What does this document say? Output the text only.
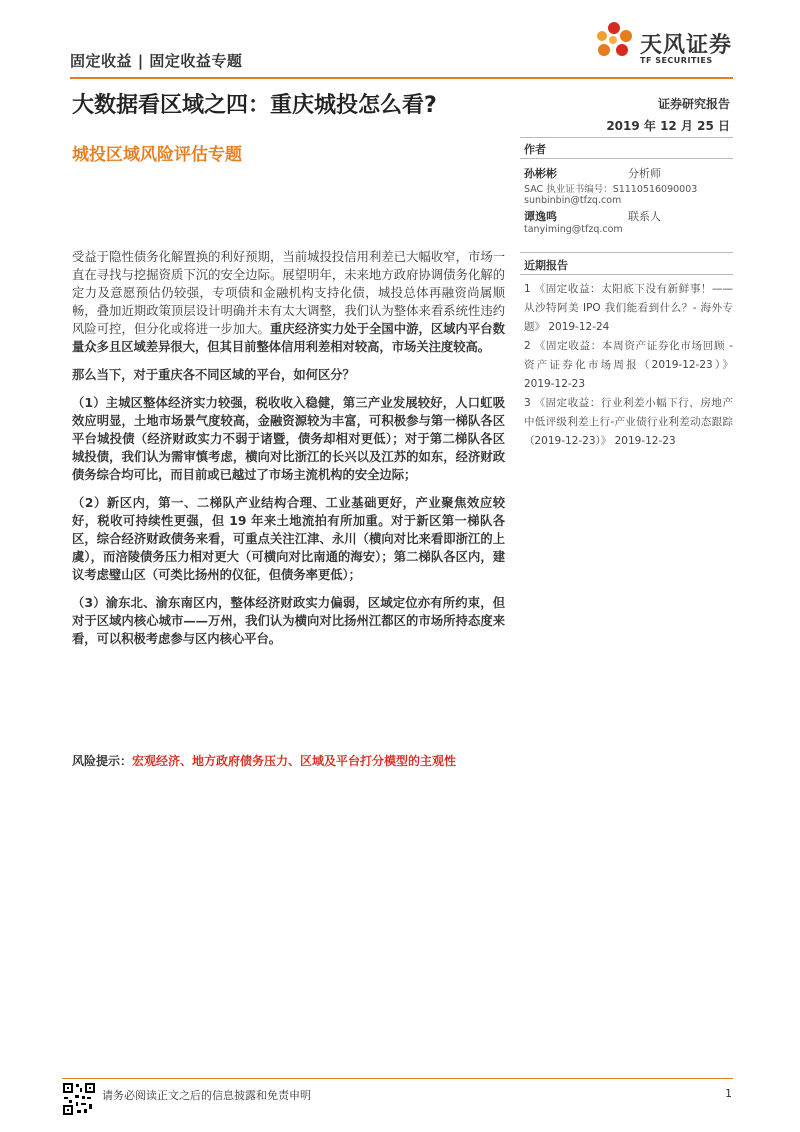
固定收益 | 固定收益专题
天风证券
TF SECURITIES
大数据看区域之四：重庆城投怎么看?
城投区域风险评估专题
证券研究报告
2019 年 12 月 25 日
作者
孙彬彬	分析师
SAC 执业证书编号：S1110516090003
sunbinbin@tfzq.com
谭逸鸣	联系人
tanyiming@tfzq.com
近期报告

1 《固定收益：太阳底下没有新鲜事！——从沙特阿美 IPO 我们能看到什么？- 海外专题》 2019-12-24

2 《固定收益：本周资产证券化市场回顾 - 资产证券化市场周报（2019-12-23）》 2019-12-23

3 《固定收益：行业利差小幅下行，房地产中低评级利差上行-产业债行业利差动态跟踪（2019-12-23）》 2019-12-23

受益于隐性债务化解置换的利好预期，当前城投投信用利差已大幅收窄，市场一直在寻找与挖掘资质下沉的安全边际。展望明年，未来地方政府协调债务化解的定力及意愿预估仍较强，专项债和金融机构支持化债，城投总体再融资尚属顺畅，叠加近期政策顶层设计明确并未有太大调整，我们认为整体来看系统性违约风险可控，但分化或将进一步加大。重庆经济实力处于全国中游，区域内平台数量众多且区域差异很大，但其目前整体信用利差相对较高，市场关注度较高。

那么当下，对于重庆各不同区域的平台，如何区分？

（1）主城区整体经济实力较强，税收收入稳健，第三产业发展较好，人口虹吸效应明显，土地市场景气度较高，金融资源较为丰富，可积极参与第一梯队各区平台城投债（经济财政实力不弱于诸暨，债务却相对更低）；对于第二梯队各区城投债，我们认为需审慎考虑，横向对比浙江的长兴以及江苏的如东，经济财政债务综合均可比，而目前或已越过了市场主流机构的安全边际；

（2）新区内，第一、二梯队产业结构合理、工业基础更好，产业聚焦效应较好，税收可持续性更强，但 19 年来土地流拍有所加重。对于新区第一梯队各区，综合经济财政债务来看，可重点关注江津、永川（横向对比来看即浙江的上虞），而涪陵债务压力相对更大（可横向对比南通的海安）；第二梯队各区内，建议考虑璧山区（可类比扬州的仪征，但债务率更低）；

（3）渝东北、渝东南区内，整体经济财政实力偏弱，区域定位亦有所约束，但对于区域内核心城市——万州，我们认为横向对比扬州江都区的市场所持态度来看，可以积极考虑参与区内核心平台。

风险提示：宏观经济、地方政府债务压力、区域及平台打分模型的主观性
请务必阅读正文之后的信息披露和免责申明	1
